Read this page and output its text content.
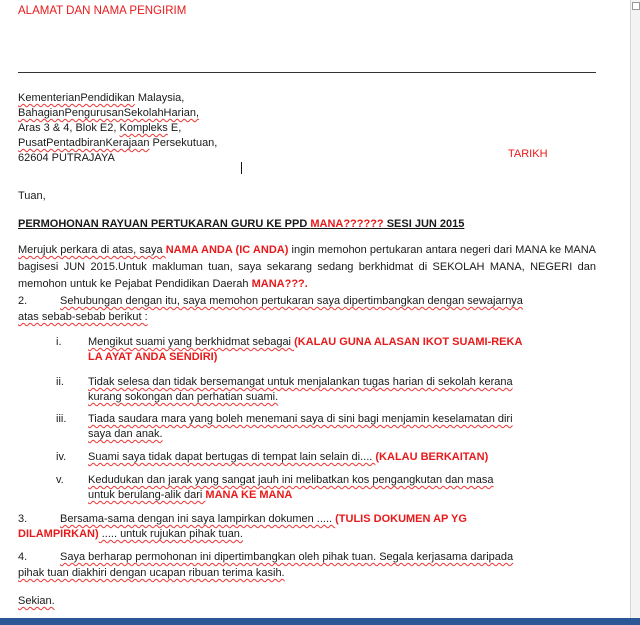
ALAMAT DAN NAMA PENGIRIM
KementerianPendidikan Malaysia,
BahagianPengurusanSekolahHarian,
Aras 3 & 4, Blok E2, Kompleks E,
PusatPentadbiranKerajaan Persekutuan,
62604 PUTRAJAYA	TARIKH
Tuan,
PERMOHONAN RAYUAN PERTUKARAN GURU KE PPD MANA?????? SESI JUN 2015
Merujuk perkara di atas, saya NAMA ANDA (IC ANDA) ingin memohon pertukaran antara negeri dari MANA ke MANA bagisesi JUN 2015.Untuk makluman tuan, saya sekarang sedang berkhidmat di SEKOLAH MANA, NEGERI dan memohon untuk ke Pejabat Pendidikan Daerah MANA???.
2.	Sehubungan dengan itu, saya memohon pertukaran saya dipertimbangkan dengan sewajarnya
atas sebab-sebab berikut :
i. Mengikut suami yang berkhidmat sebagai (KALAU GUNA ALASAN IKOT SUAMI-REKA
LA AYAT ANDA SENDIRI)
ii. Tidak selesa dan tidak bersemangat untuk menjalankan tugas harian di sekolah kerana
kurang sokongan dan perhatian suami.
iii. Tiada saudara mara yang boleh menemani saya di sini bagi menjamin keselamatan diri
saya dan anak.
iv. Suami saya tidak dapat bertugas di tempat lain selain di.... (KALAU BERKAITAN)
v. Kedudukan dan jarak yang sangat jauh ini melibatkan kos pengangkutan dan masa
untuk berulang-alik dari MANA KE MANA
3.	Bersama-sama dengan ini saya lampirkan dokumen ..... (TULIS DOKUMEN AP YG
DILAMPIRKAN) ..... untuk rujukan pihak tuan.
4.	Saya berharap permohonan ini dipertimbangkan oleh pihak tuan. Segala kerjasama daripada
pihak tuan diakhiri dengan ucapan ribuan terima kasih.
Sekian.
